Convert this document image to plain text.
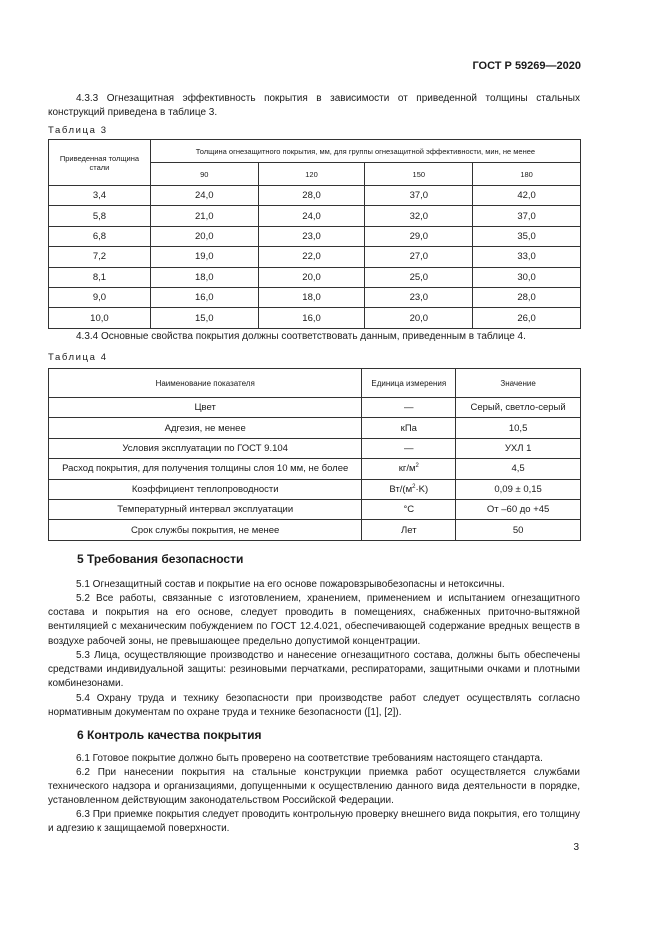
ГОСТ Р 59269—2020
4.3.3 Огнезащитная эффективность покрытия в зависимости от приведенной толщины стальных конструкций приведена в таблице 3.
Таблица 3
Приведенная толщина стали	Толщина огнезащитного покрытия, мм, для группы огнезащитной эффективности, мин, не менее			
	90	120	150	180
3,4	24,0	28,0	37,0	42,0
5,8	21,0	24,0	32,0	37,0
6,8	20,0	23,0	29,0	35,0
7,2	19,0	22,0	27,0	33,0
8,1	18,0	20,0	25,0	30,0
9,0	16,0	18,0	23,0	28,0
10,0	15,0	16,0	20,0	26,0
4.3.4 Основные свойства покрытия должны соответствовать данным, приведенным в таблице 4.
Таблица 4
Наименование показателя	Единица измерения	Значение
Цвет	—	Серый, светло-серый
Адгезия, не менее	кПа	10,5
Условия эксплуатации по ГОСТ 9.104	—	УХЛ 1
Расход покрытия, для получения толщины слоя 10 мм, не более	$кг/м^2$	4,5
Коэффициент теплопроводности	$Вт/(м^2\cdot K)$	0,09 ± 0,15
Температурный интервал эксплуатации	°С	От –60 до +45
Срок службы покрытия, не менее	Лет	50
5 Требования безопасности
5.1 Огнезащитный состав и покрытие на его основе пожаровзрывобезопасны и нетоксичны.
5.2 Все работы, связанные с изготовлением, хранением, применением и испытанием огнезащитного состава и покрытия на его основе, следует проводить в помещениях, снабженных приточно-вытяжной вентиляцией с механическим побуждением по ГОСТ 12.4.021, обеспечивающей содержание вредных веществ в воздухе рабочей зоны, не превышающее предельно допустимой концентрации.
5.3 Лица, осуществляющие производство и нанесение огнезащитного состава, должны быть обеспечены средствами индивидуальной защиты: резиновыми перчатками, респираторами, защитными очками и плотными комбинезонами.
5.4 Охрану труда и технику безопасности при производстве работ следует осуществлять согласно нормативным документам по охране труда и технике безопасности ([1], [2]).
6 Контроль качества покрытия
6.1 Готовое покрытие должно быть проверено на соответствие требованиям настоящего стандарта.
6.2 При нанесении покрытия на стальные конструкции приемка работ осуществляется службами технического надзора и организациями, допущенными к осуществлению данного вида деятельности в порядке, установленном действующим законодательством Российской Федерации.
6.3 При приемке покрытия следует проводить контрольную проверку внешнего вида покрытия, его толщину и адгезию к защищаемой поверхности.
3
